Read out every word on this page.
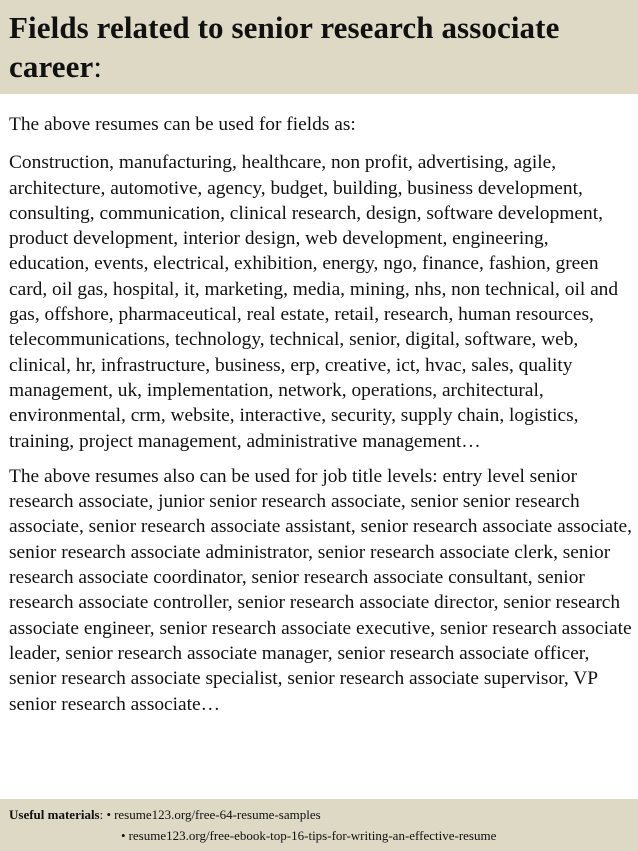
Fields related to senior research associate career:

The above resumes can be used for fields as:

Construction, manufacturing, healthcare, non profit, advertising, agile, architecture, automotive, agency, budget, building, business development, consulting, communication, clinical research, design, software development, product development, interior design, web development, engineering, education, events, electrical, exhibition, energy, ngo, finance, fashion, green card, oil gas, hospital, it, marketing, media, mining, nhs, non technical, oil and gas, offshore, pharmaceutical, real estate, retail, research, human resources, telecommunications, technology, technical, senior, digital, software, web, clinical, hr, infrastructure, business, erp, creative, ict, hvac, sales, quality management, uk, implementation, network, operations, architectural, environmental, crm, website, interactive, security, supply chain, logistics, training, project management, administrative management…

The above resumes also can be used for job title levels: entry level senior research associate, junior senior research associate, senior senior research associate, senior research associate assistant, senior research associate associate, senior research associate administrator, senior research associate clerk, senior research associate coordinator, senior research associate consultant, senior research associate controller, senior research associate director, senior research associate engineer, senior research associate executive, senior research associate leader, senior research associate manager, senior research associate officer, senior research associate specialist, senior research associate supervisor, VP senior research associate…

Useful materials: • resume123.org/free-64-resume-samples
• resume123.org/free-ebook-top-16-tips-for-writing-an-effective-resume
